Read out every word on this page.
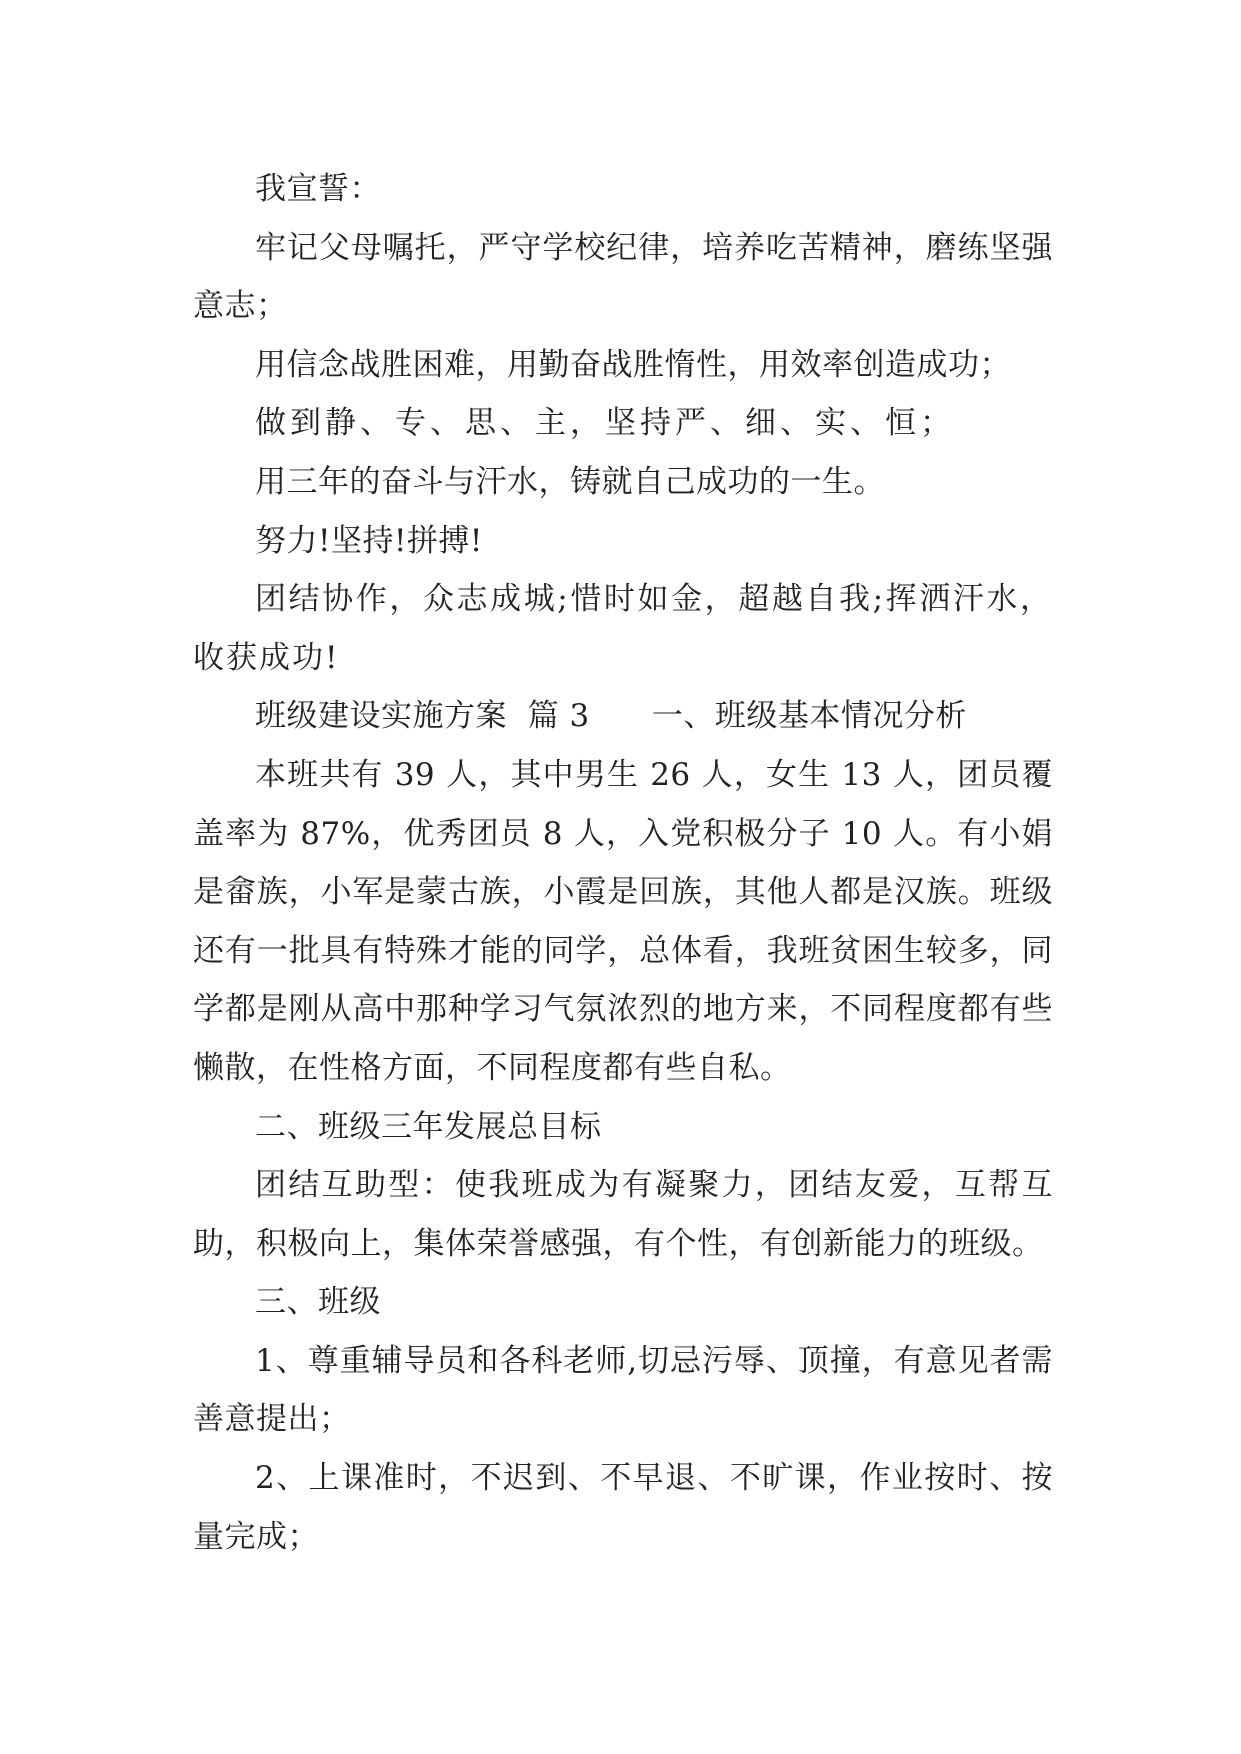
我宣誓：

牢记父母嘱托，严守学校纪律，培养吃苦精神，磨练坚强意志；

用信念战胜困难，用勤奋战胜惰性，用效率创造成功；

做到静、专、思、主，坚持严、细、实、恒；

用三年的奋斗与汗水，铸就自己成功的一生。

努力!坚持!拼搏!

团结协作，众志成城;惜时如金，超越自我;挥洒汗水，收获成功!

班级建设实施方案  篇 3      一、班级基本情况分析

本班共有 39 人，其中男生 26 人，女生 13 人，团员覆盖率为 87%，优秀团员 8 人，入党积极分子 10 人。有小娟是畲族，小军是蒙古族，小霞是回族，其他人都是汉族。班级还有一批具有特殊才能的同学，总体看，我班贫困生较多，同学都是刚从高中那种学习气氛浓烈的地方来，不同程度都有些懒散，在性格方面，不同程度都有些自私。

二、班级三年发展总目标

团结互助型：使我班成为有凝聚力，团结友爱，互帮互助，积极向上，集体荣誉感强，有个性，有创新能力的班级。

三、班级

1、尊重辅导员和各科老师,切忌污辱、顶撞，有意见者需善意提出；

2、上课准时，不迟到、不早退、不旷课，作业按时、按量完成；
